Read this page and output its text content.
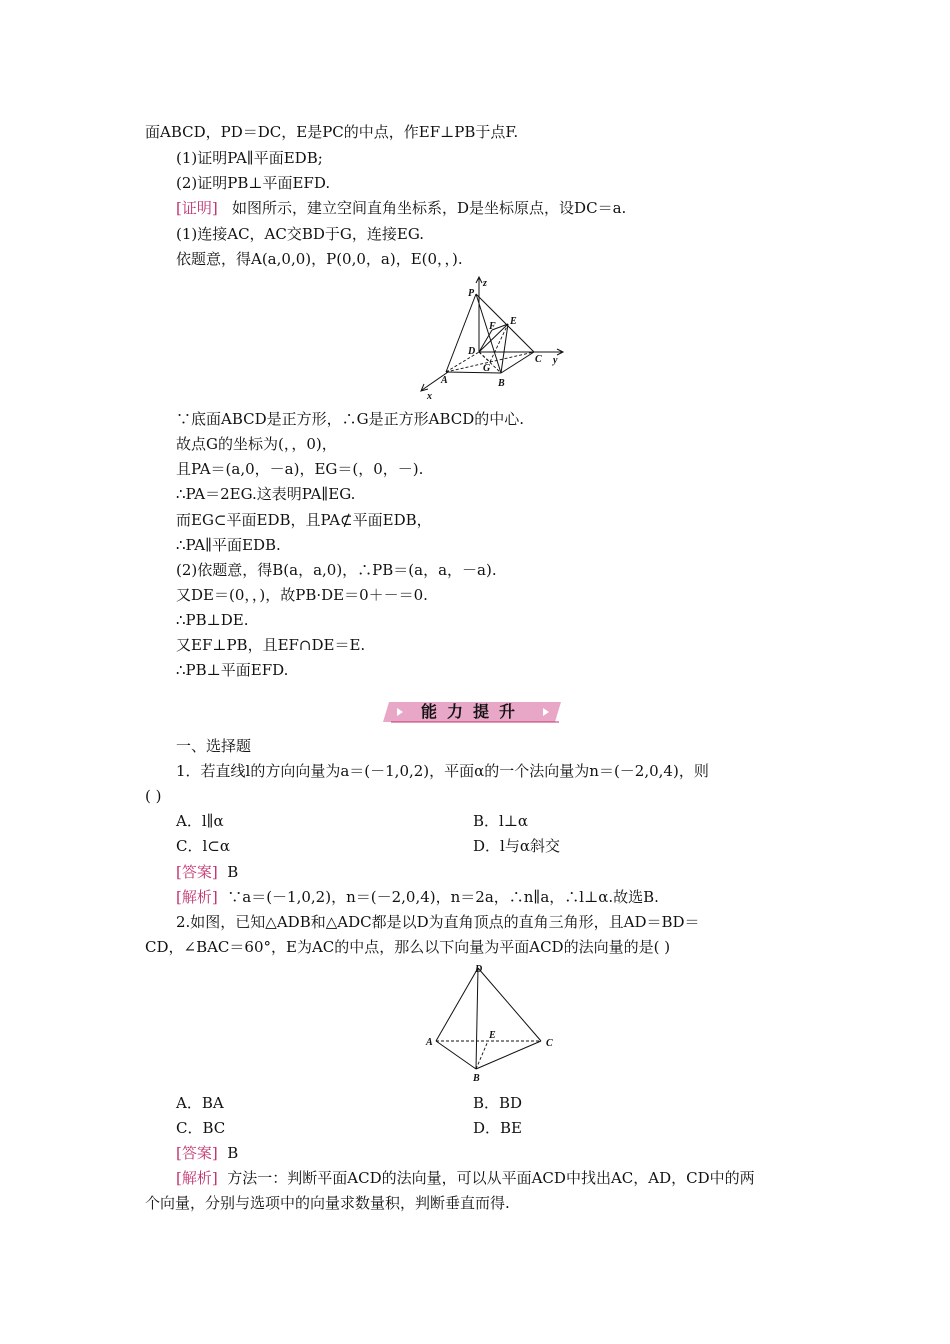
面ABCD，PD＝DC，E是PC的中点，作EF⊥PB于点F.
(1)证明PA∥平面EDB;
(2)证明PB⊥平面EFD.
[证明] 如图所示，建立空间直角坐标系，D是坐标原点，设DC＝a.
(1)连接AC，AC交BD于G，连接EG.
依题意，得A(a,0,0)，P(0,0，a)，E(0，，).
P
z
F E
D
C y
G
A	B
x
∵底面ABCD是正方形，∴G是正方形ABCD的中心.
故点G的坐标为(，，0)，
且PA＝(a,0，－a)，EG＝(，0，－).
∴PA＝2EG.这表明PA∥EG.
而EG⊂平面EDB，且PA⊄平面EDB，
∴PA∥平面EDB.
(2)依题意，得B(a，a,0)，∴PB＝(a，a，－a).
又DE＝(0，，)，故PB·DE＝0＋－＝0.
∴PB⊥DE.
又EF⊥PB，且EF∩DE＝E.
∴PB⊥平面EFD.
能力提升
一、选择题
1．若直线l的方向向量为a＝(－1,0,2)，平面α的一个法向量为n＝(－2,0,4)，则
( )
A．l∥α	B．l⊥α
C．l⊂α	D．l与α斜交
[答案] B
[解析] ∵a＝(－1,0,2)，n＝(－2,0,4)，n＝2a，∴n∥a，∴l⊥α.故选B.
2.如图，已知△ADB和△ADC都是以D为直角顶点的直角三角形，且AD＝BD＝
CD，∠BAC＝60°，E为AC的中点，那么以下向量为平面ACD的法向量的是( )
D
A
E
C
B
A．BA	B．BD
C．BC	D．BE
[答案] B
[解析] 方法一：判断平面ACD的法向量，可以从平面ACD中找出AC，AD，CD中的两
个向量，分别与选项中的向量求数量积，判断垂直而得.
